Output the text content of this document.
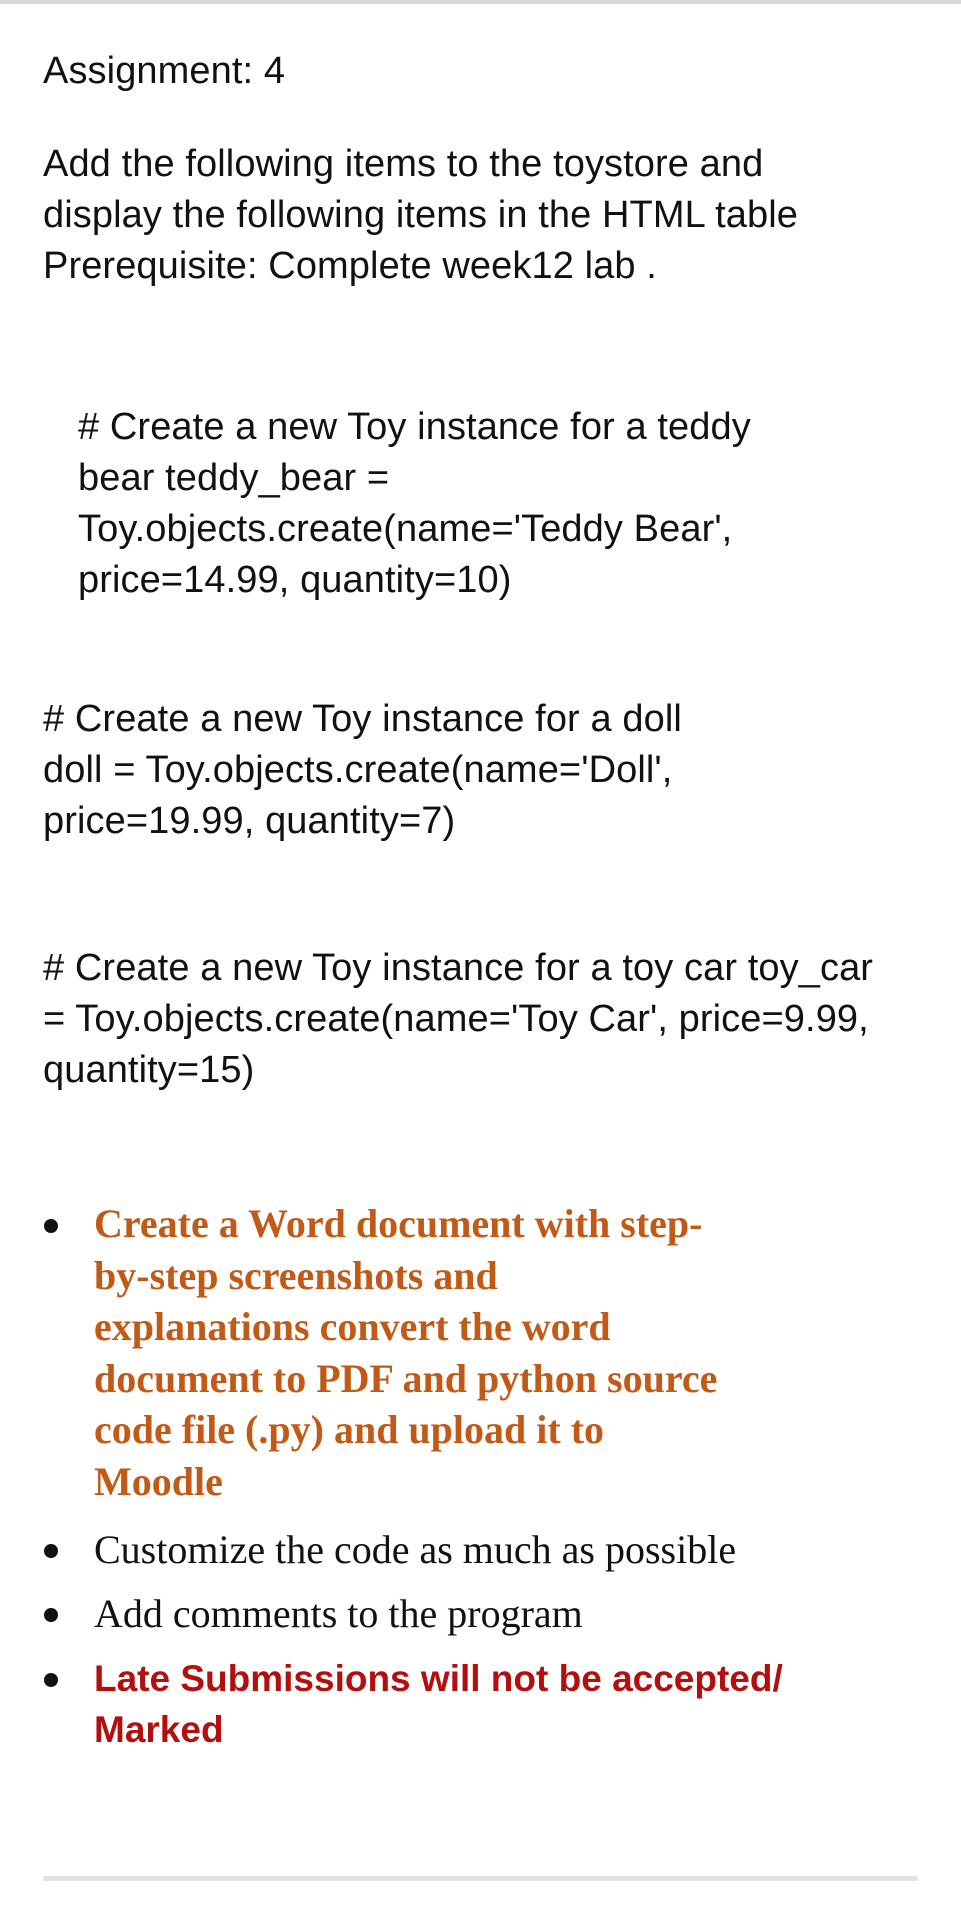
Assignment: 4
Add the following items to the toystore and
display the following items in the HTML table
Prerequisite: Complete week12 lab .
# Create a new Toy instance for a teddy
bear teddy_bear =
Toy.objects.create(name='Teddy Bear',
price=14.99, quantity=10)
# Create a new Toy instance for a doll
doll = Toy.objects.create(name='Doll',
price=19.99, quantity=7)
# Create a new Toy instance for a toy car toy_car
= Toy.objects.create(name='Toy Car', price=9.99,
quantity=15)
Create a Word document with step-
by-step screenshots and
explanations convert the word
document to PDF and python source
code file (.py) and upload it to
Moodle
Customize the code as much as possible
Add comments to the program
Late Submissions will not be accepted/
Marked
